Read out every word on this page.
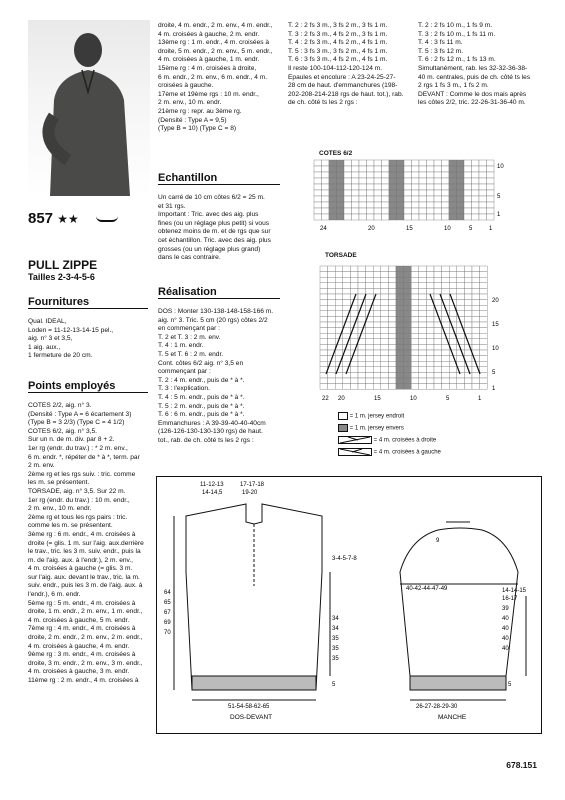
857 ★★
PULL ZIPPE
Tailles 2-3-4-5-6
Fournitures

Qual. IDEAL,

Loden = 11-12-13-14-15 pel.,

aig. n° 3 et 3,5,

1 aig. aux.,

1 fermeture de 20 cm.

Points employés

COTES 2/2, aig. n° 3.

(Densité : Type A = 6 écartement 3)

(Type B = 3 2/3) (Type C = 4 1/2)

COTES 6/2, aig. n° 3,5.

Sur un n. de m. div. par 8 + 2.

1er rg (endr. du trav.) : * 2 m. env.,

6 m. endr. *, répéter de * à *, term. par

2 m. env.

2ème rg et les rgs suiv. : tric. comme

les m. se présentent.

TORSADE, aig. n° 3,5. Sur 22 m.

1er rg (endr. du trav.) : 10 m. endr.,

2 m. env., 10 m. endr.

2ème rg et tous les rgs pairs : tric.

comme les m. se présentent.

3ème rg : 6 m. endr., 4 m. croisées à

droite (= glis. 1 m. sur l'aig. aux.derrière

le trav., tric. les 3 m. suiv. endr., puis la

m. de l'aig. aux. à l'endr.), 2 m. env.,

4 m. croisées à gauche (= glis. 3 m.

sur l'aig. aux. devant le trav., tric. la m.

suiv. endr., puis les 3 m. de l'aig. aux. à

l'endr.), 6 m. endr.

5ème rg : 5 m. endr., 4 m. croisées à

droite, 1 m. endr., 2 m. env., 1 m. endr.,

4 m. croisées à gauche, 5 m. endr.

7ème rg : 4 m. endr., 4 m. croisées à

droite, 2 m. endr., 2 m. env., 2 m. endr.,

4 m. croisées à gauche, 4 m. endr.

9ème rg : 3 m. endr., 4 m. croisées à

droite, 3 m. endr., 2 m. env., 3 m. endr.,

4 m. croisées à gauche, 3 m. endr.

11ème rg : 2 m. endr., 4 m. croisées à

droite, 4 m. endr., 2 m. env., 4 m. endr.,

4 m. croisées à gauche, 2 m. endr.

13ème rg : 1 m. endr., 4 m. croisées à

droite, 5 m. endr., 2 m. env., 5 m. endr.,

4 m. croisées à gauche, 1 m. endr.

15ème rg : 4 m. croisées à droite,

6 m. endr., 2 m. env., 6 m. endr., 4 m.

croisées à gauche.

17ème et 19ème rgs : 10 m. endr.,

2 m. env., 10 m. endr.

21ème rg : repr. au 3ème rg.

(Densité : Type A = 9,5)

(Type B = 10) (Type C = 8)

Echantillon

Un carré de 10 cm côtes 6/2 = 25 m.

et 31 rgs.

Important : Tric. avec des aig. plus

fines (ou un réglage plus petit) si vous

obtenez moins de m. et de rgs que sur

cet échantillon. Tric. avec des aig. plus

grosses (ou un réglage plus grand)

dans le cas contraire.

Réalisation

DOS : Monter 130-138-148-158-166 m.

aig. n° 3. Tric. 5 cm (20 rgs) côtes 2/2

en commençant par :

T. 2 et T. 3 : 2 m. env.

T. 4 : 1 m. endr.

T. 5 et T. 6 : 2 m. endr.

Cont. côtes 6/2 aig. n° 3,5 en

commençant par :

T. 2 : 4 m. endr., puis de * à *.

T. 3 : l'explication.

T. 4 : 5 m. endr., puis de * à *.

T. 5 : 2 m. endr., puis de * à *.

T. 6 : 6 m. endr., puis de * à *.

Emmanchures : A 39-39-40-40-40cm

(126-126-130-130-130 rgs) de haut.

tot., rab. de ch. côté ts les 2 rgs :

T. 2 : 2 fs 3 m., 3 fs 2 m., 3 fs 1 m.

T. 3 : 2 fs 3 m., 4 fs 2 m., 3 fs 1 m.

T. 4 : 2 fs 3 m., 4 fs 2 m., 4 fs 1 m.

T. 5 : 3 fs 3 m., 3 fs 2 m., 4 fs 1 m.

T. 6 : 3 fs 3 m., 4 fs 2 m., 4 fs 1 m.

Il reste 100-104-112-120-124 m.

Epaules et encolure : A 23-24-25-27-

28 cm de haut. d'emmanchures (198-

202-208-214-218 rgs de haut. tot.), rab.

de ch. côté ts les 2 rgs :

T. 2 : 2 fs 10 m., 1 fs 9 m.

T. 3 : 2 fs 10 m., 1 fs 11 m.

T. 4 : 3 fs 11 m.

T. 5 : 3 fs 12 m.

T. 6 : 2 fs 12 m., 1 fs 13 m.

Simultanément, rab. les 32-32-36-38-

40 m. centrales, puis de ch. côté ts les

2 rgs 1 fs 3 m., 1 fs 2 m.

DEVANT : Comme le dos mais après

les côtes 2/2, tric. 22-26-31-36-40 m.

COTES 6/2
24	20	15	10	5	1
10
5
1
TORSADE
22 20	15	10	5	1
20
15
10
5
1
= 1 m. jersey endroit
= 1 m. jersey envers
= 4 m. croisées à droite
= 4 m. croisées à gauche
64
65
67
69
70
34
34
35
35
35
5
3-4-5-7-8
11-12-13
14-14,5
17-17-18
19-20
51-54-58-62-65
DOS-DEVANT
9
40-42-44-47-49	14-14-15
16-17
39
40
40
40
40
5
26-27-28-29-30
MANCHE
678.151
